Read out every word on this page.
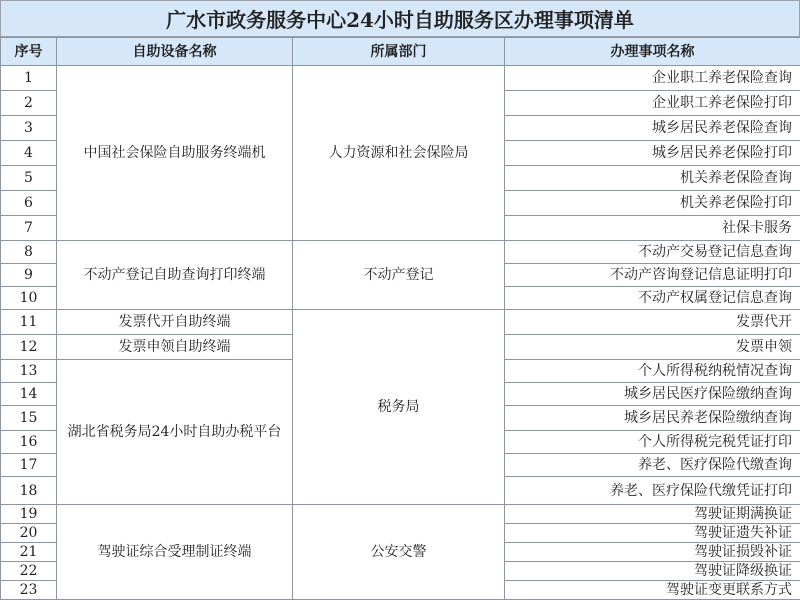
广水市政务服务中心24小时自助服务区办理事项清单
序号	自助设备名称	所属部门	办理事项名称
1	中国社会保险自助服务终端机	人力资源和社会保险局	企业职工养老保险查询
2			企业职工养老保险打印
3			城乡居民养老保险查询
4			城乡居民养老保险打印
5			机关养老保险查询
6			机关养老保险打印
7			社保卡服务
8	不动产登记自助查询打印终端	不动产登记	不动产交易登记信息查询
9			不动产咨询登记信息证明打印
10			不动产权属登记信息查询
11	发票代开自助终端	税务局	发票代开
12	发票申领自助终端		发票申领
13	湖北省税务局24小时自助办税平台		个人所得税纳税情况查询
14			城乡居民医疗保险缴纳查询
15			城乡居民养老保险缴纳查询
16			个人所得税完税凭证打印
17			养老、医疗保险代缴查询
18			养老、医疗保险代缴凭证打印
19	驾驶证综合受理制证终端	公安交警	驾驶证期满换证
20			驾驶证遗失补证
21			驾驶证损毁补证
22			驾驶证降级换证
23			驾驶证变更联系方式
